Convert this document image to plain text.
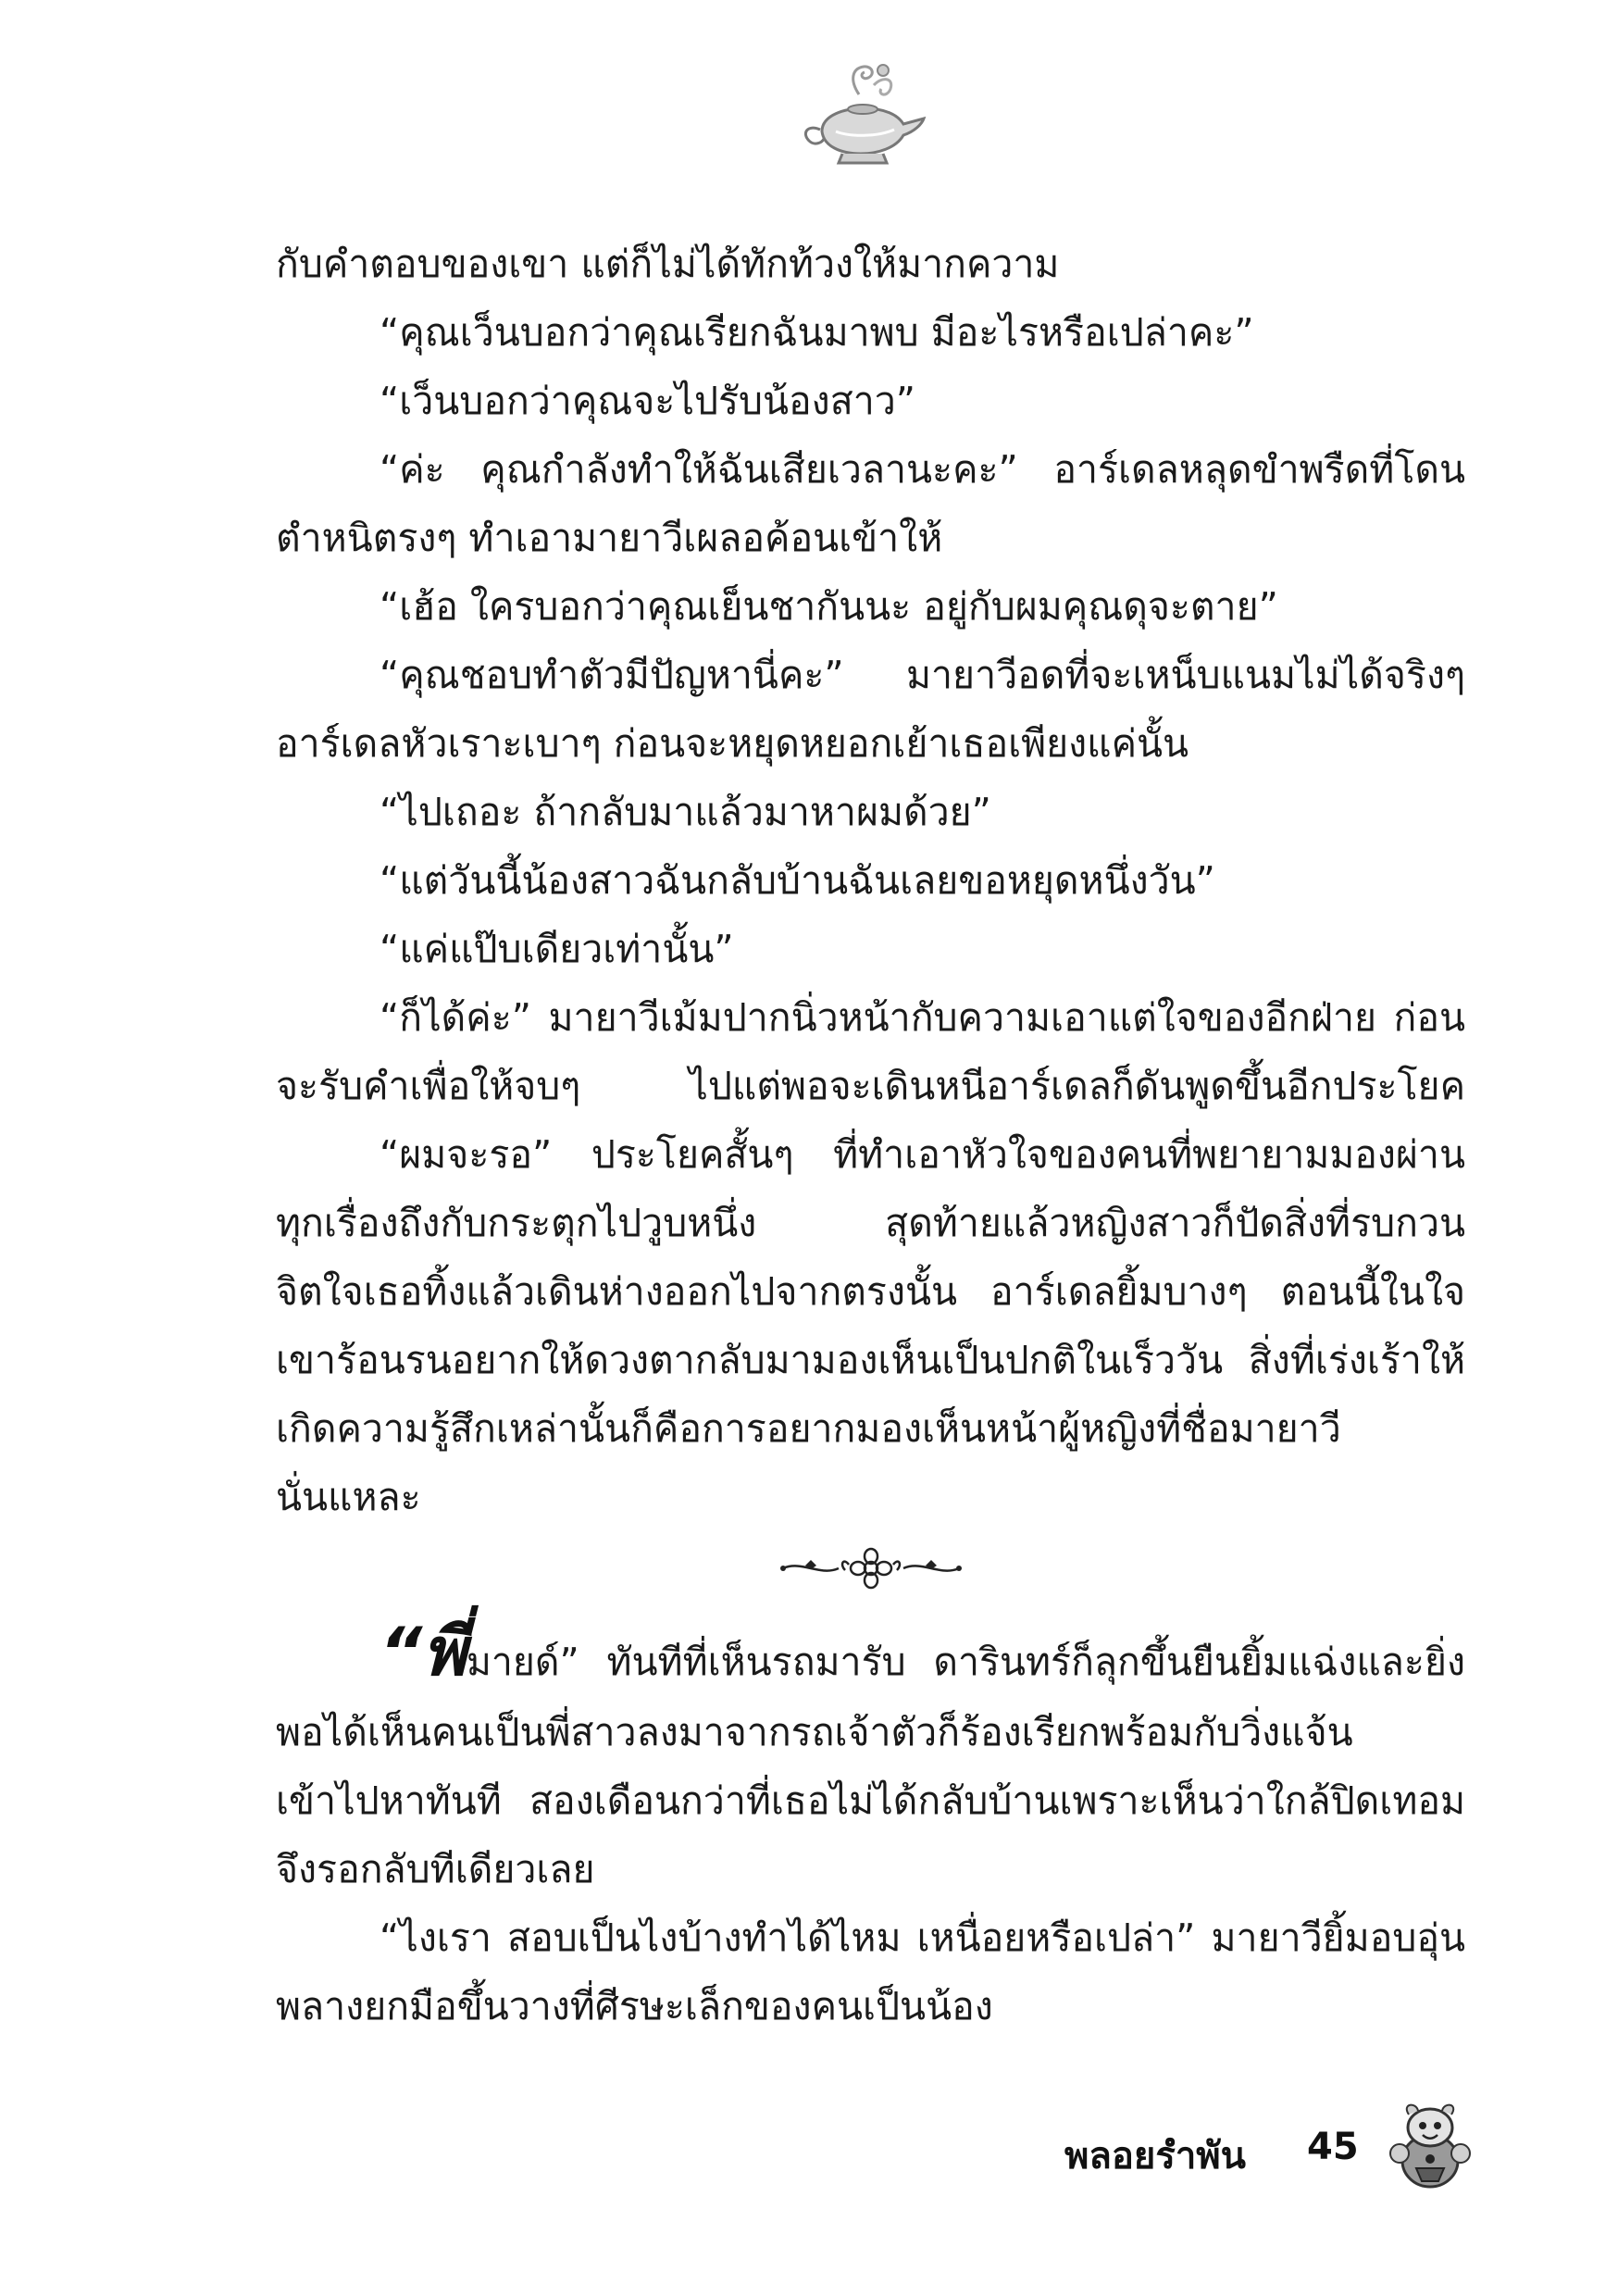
กับคำตอบของเขา แต่ก็ไม่ได้ทักท้วงให้มากความ
“คุณเว็นบอกว่าคุณเรียกฉันมาพบ มีอะไรหรือเปล่าคะ”
“เว็นบอกว่าคุณจะไปรับน้องสาว”
“ค่ะ คุณกำลังทำให้ฉันเสียเวลานะคะ” อาร์เดลหลุดขำพรืดที่โดน
ตำหนิตรงๆ ทำเอามายาวีเผลอค้อนเข้าให้
“เฮ้อ ใครบอกว่าคุณเย็นชากันนะ อยู่กับผมคุณดุจะตาย”
“คุณชอบทำตัวมีปัญหานี่คะ” มายาวีอดที่จะเหน็บแนมไม่ได้จริงๆ
อาร์เดลหัวเราะเบาๆ ก่อนจะหยุดหยอกเย้าเธอเพียงแค่นั้น
“ไปเถอะ ถ้ากลับมาแล้วมาหาผมด้วย”
“แต่วันนี้น้องสาวฉันกลับบ้านฉันเลยขอหยุดหนึ่งวัน”
“แค่แป๊บเดียวเท่านั้น”
“ก็ได้ค่ะ” มายาวีเม้มปากนิ่วหน้ากับความเอาแต่ใจของอีกฝ่าย ก่อน
จะรับคำเพื่อให้จบๆ ไปแต่พอจะเดินหนีอาร์เดลก็ดันพูดขึ้นอีกประโยค
“ผมจะรอ” ประโยคสั้นๆ ที่ทำเอาหัวใจของคนที่พยายามมองผ่าน
ทุกเรื่องถึงกับกระตุกไปวูบหนึ่ง สุดท้ายแล้วหญิงสาวก็ปัดสิ่งที่รบกวน
จิตใจเธอทิ้งแล้วเดินห่างออกไปจากตรงนั้น อาร์เดลยิ้มบางๆ ตอนนี้ในใจ
เขาร้อนรนอยากให้ดวงตากลับมามองเห็นเป็นปกติในเร็ววัน สิ่งที่เร่งเร้าให้
เกิดความรู้สึกเหล่านั้นก็คือการอยากมองเห็นหน้าผู้หญิงที่ชื่อมายาวี
นั่นแหละ
“พี่มายด์” ทันทีที่เห็นรถมารับ ดารินทร์ก็ลุกขึ้นยืนยิ้มแฉ่งและยิ่ง
พอได้เห็นคนเป็นพี่สาวลงมาจากรถเจ้าตัวก็ร้องเรียกพร้อมกับวิ่งแจ้น
เข้าไปหาทันที สองเดือนกว่าที่เธอไม่ได้กลับบ้านเพราะเห็นว่าใกล้ปิดเทอม
จึงรอกลับทีเดียวเลย
“ไงเรา สอบเป็นไงบ้างทำได้ไหม เหนื่อยหรือเปล่า” มายาวียิ้มอบอุ่น
พลางยกมือขึ้นวางที่ศีรษะเล็กของคนเป็นน้อง
พลอยรำพัน 45
